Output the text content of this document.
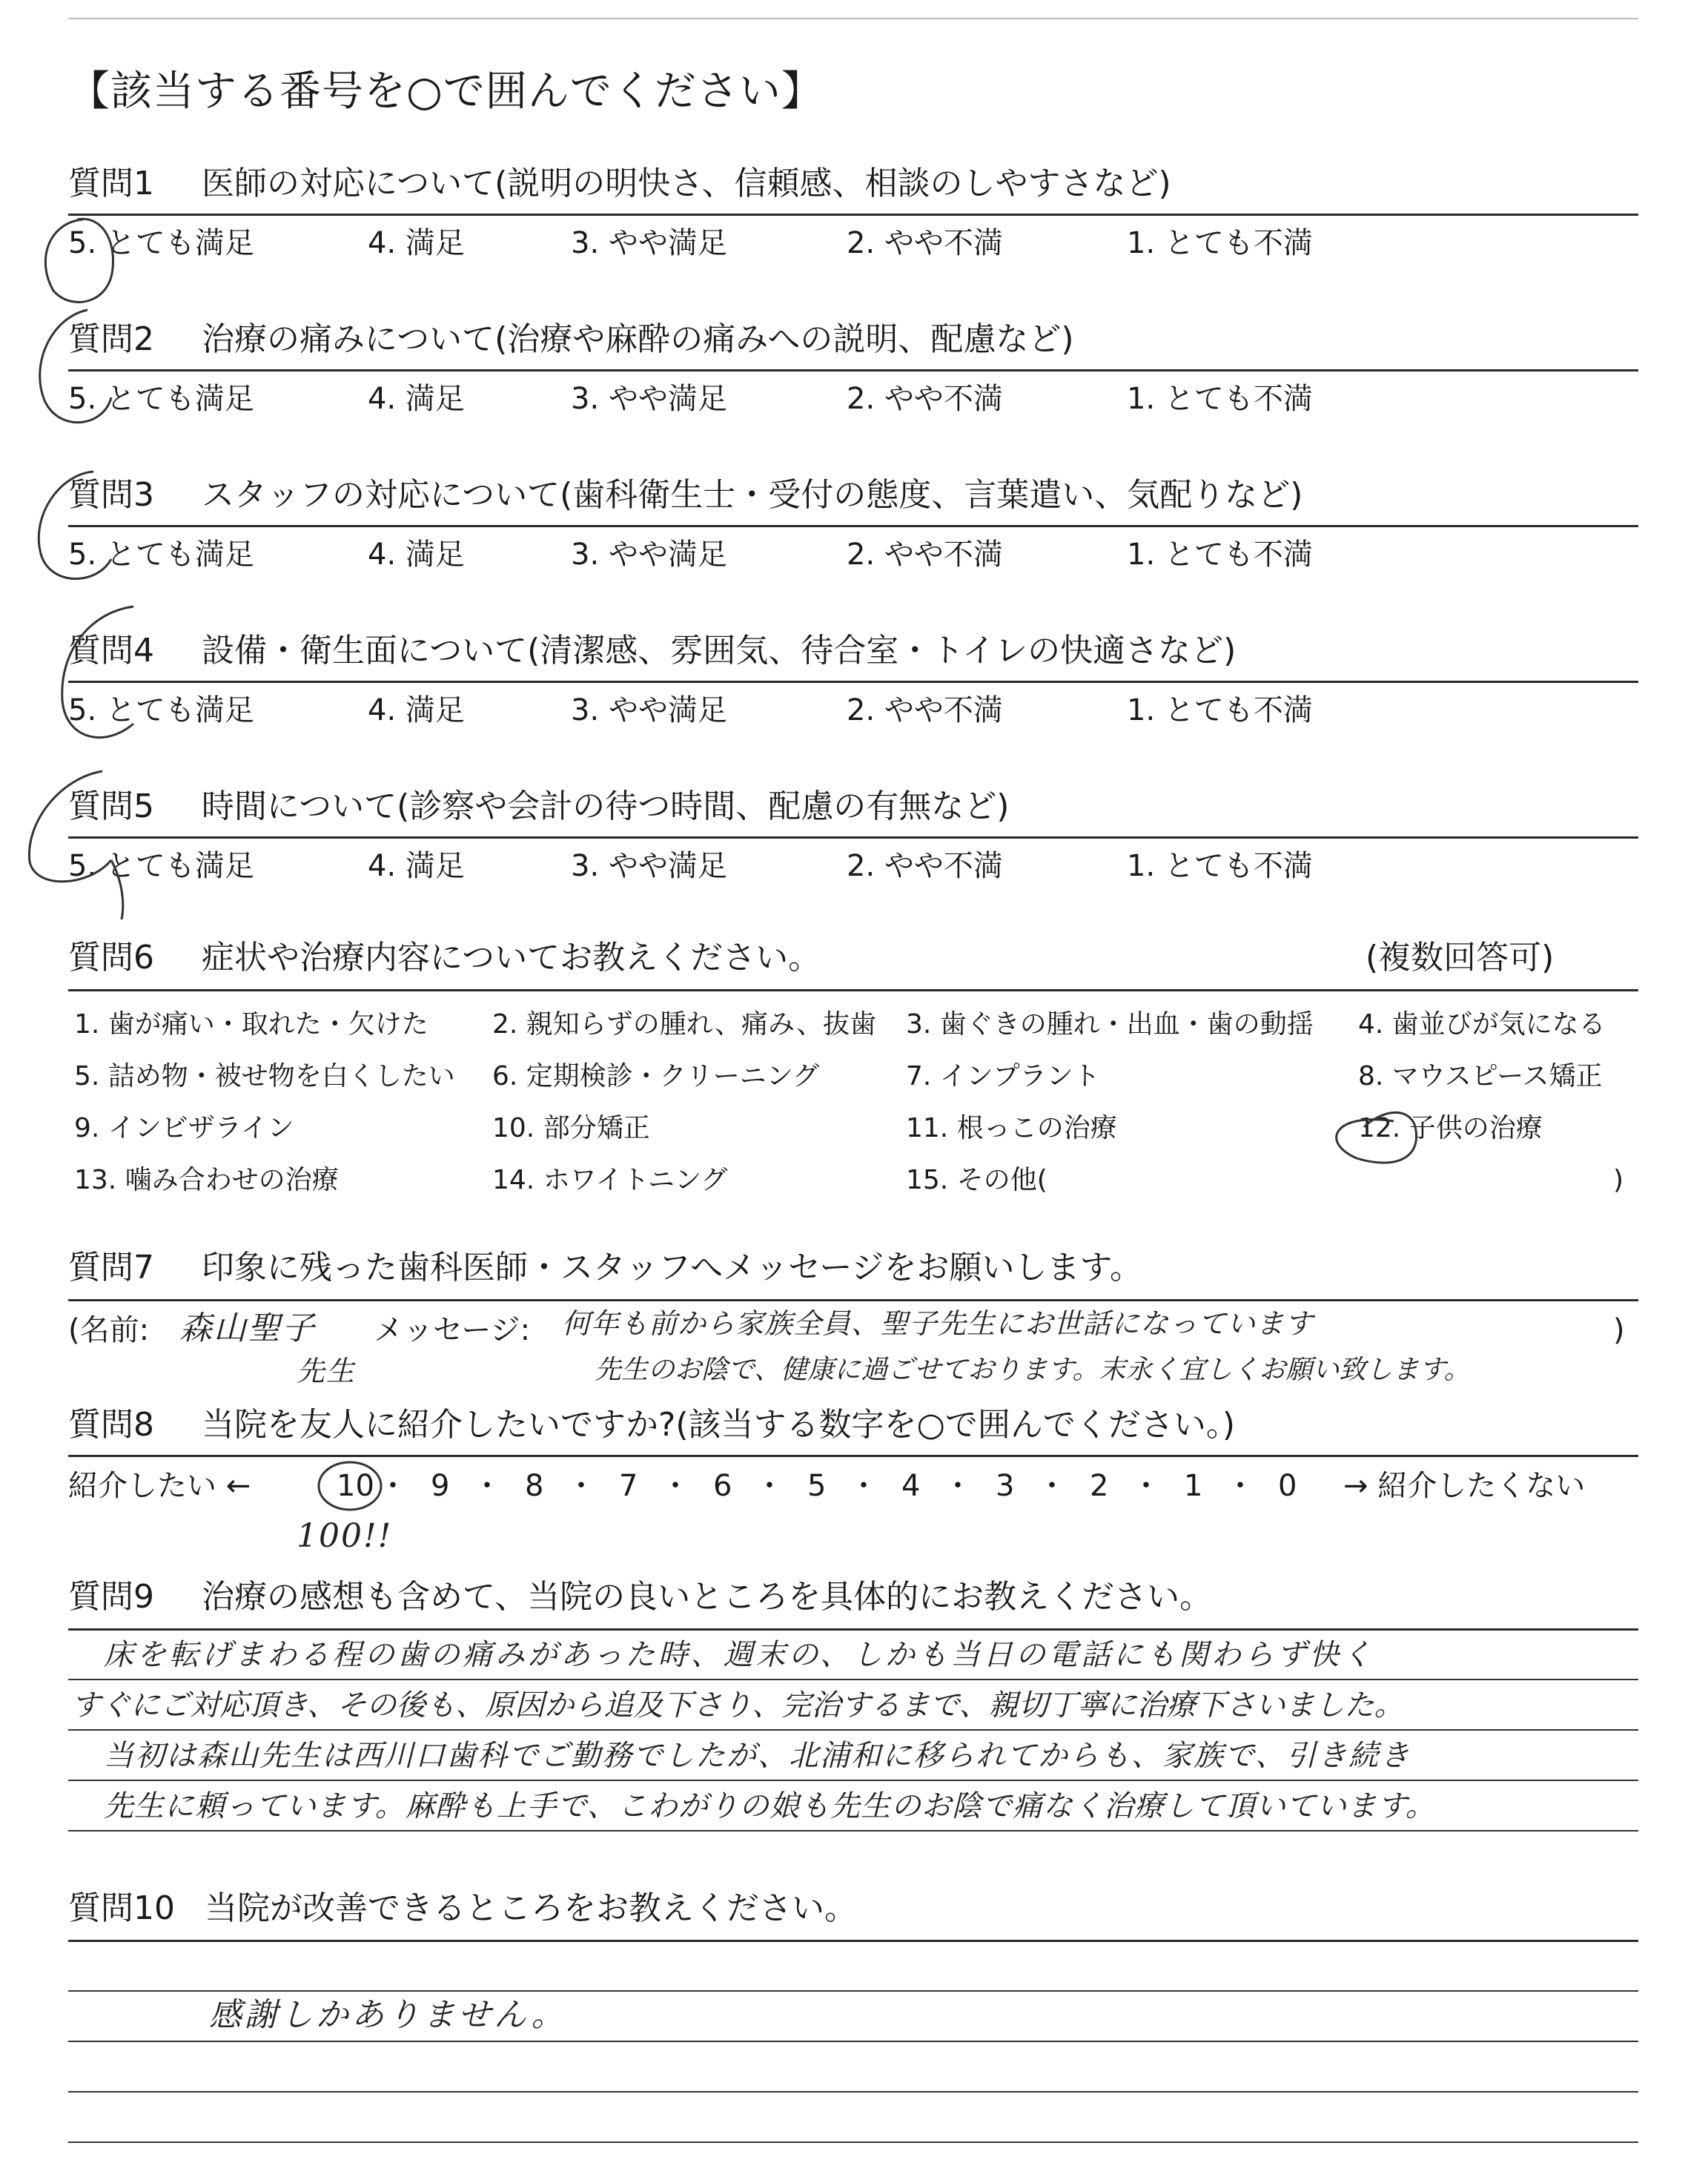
【該当する番号を○で囲んでください】
質問1 医師の対応について(説明の明快さ、信頼感、相談のしやすさなど)
5. とても満足	4. 満足	3. やや満足	2. やや不満	1. とても不満
質問2 治療の痛みについて(治療や麻酔の痛みへの説明、配慮など)
5. とても満足	4. 満足	3. やや満足	2. やや不満	1. とても不満
質問3 スタッフの対応について(歯科衛生士・受付の態度、言葉遣い、気配りなど)
5. とても満足	4. 満足	3. やや満足	2. やや不満	1. とても不満
質問4 設備・衛生面について(清潔感、雰囲気、待合室・トイレの快適さなど)
5. とても満足	4. 満足	3. やや満足	2. やや不満	1. とても不満
質問5 時間について(診察や会計の待つ時間、配慮の有無など)
5. とても満足	4. 満足	3. やや満足	2. やや不満	1. とても不満
質問6 症状や治療内容についてお教えください。	(複数回答可)
1. 歯が痛い・取れた・欠けた 2. 親知らずの腫れ、痛み、抜歯 3. 歯ぐきの腫れ・出血・歯の動揺 4. 歯並びが気になる
5. 詰め物・被せ物を白くしたい 6. 定期検診・クリーニング	7. インプラント	8. マウスピース矯正
9. インビザライン	10. 部分矯正	11. 根っこの治療	12. 子供の治療
13. 噛み合わせの治療	14. ホワイトニング	15. その他(	)
質問7 印象に残った歯科医師・スタッフへメッセージをお願いします。
(名前: 森山聖子
先生
メッセージ: 何年も前から家族全員、聖子先生にお世話になっています
先生のお陰で、健康に過ごせております。末永く宜しくお願い致します。
)
質問8 当院を友人に紹介したいですか?(該当する数字を○で囲んでください。)
紹介したい ←	10 ・ 9 ・ 8 ・ 7 ・ 6 ・ 5 ・ 4 ・ 3 ・ 2 ・ 1 ・ 0 → 紹介したくない
100!!
質問9 治療の感想も含めて、当院の良いところを具体的にお教えください。
床を転げまわる程の歯の痛みがあった時、週末の、しかも当日の電話にも関わらず快く
すぐにご対応頂き、その後も、原因から追及下さり、完治するまで、親切丁寧に治療下さいました。
当初は森山先生は西川口歯科でご勤務でしたが、北浦和に移られてからも、家族で、引き続き
先生に頼っています。麻酔も上手で、こわがりの娘も先生のお陰で痛なく治療して頂いています。
質問10 当院が改善できるところをお教えください。
感謝しかありません。
